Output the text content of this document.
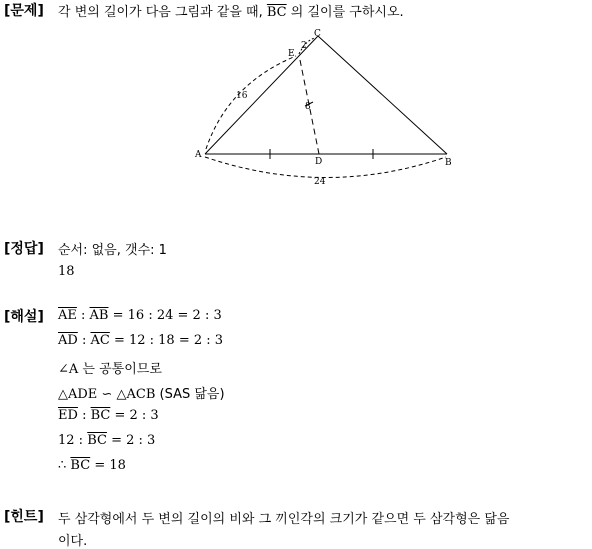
[문제] 각 변의 길이가 다음 그림과 같을 때, $\overline{BC}$ 의 길이를 구하시오.
A
B
C
D
E
16
8
24
2
[정답] 순서: 없음, 갯수: 1
18
[해설] $\overline{AE}$ : $\overline{AB} = 16$ : 24 = 2 : 3
$\overline{AD}$ : $\overline{AC} = 12$ : 18 = 2 : 3
∠A 는 공통이므로
△ADE ∽ △ACB (SAS 닮음)
$\overline{ED}$ : $\overline{BC} = 2$ : 3
12 : $\overline{BC} = 2$ : 3
∴ $\overline{BC} = 18$
[힌트] 두 삼각형에서 두 변의 길이의 비와 그 끼인각의 크기가 같으면 두 삼각형은 닮음
이다.
